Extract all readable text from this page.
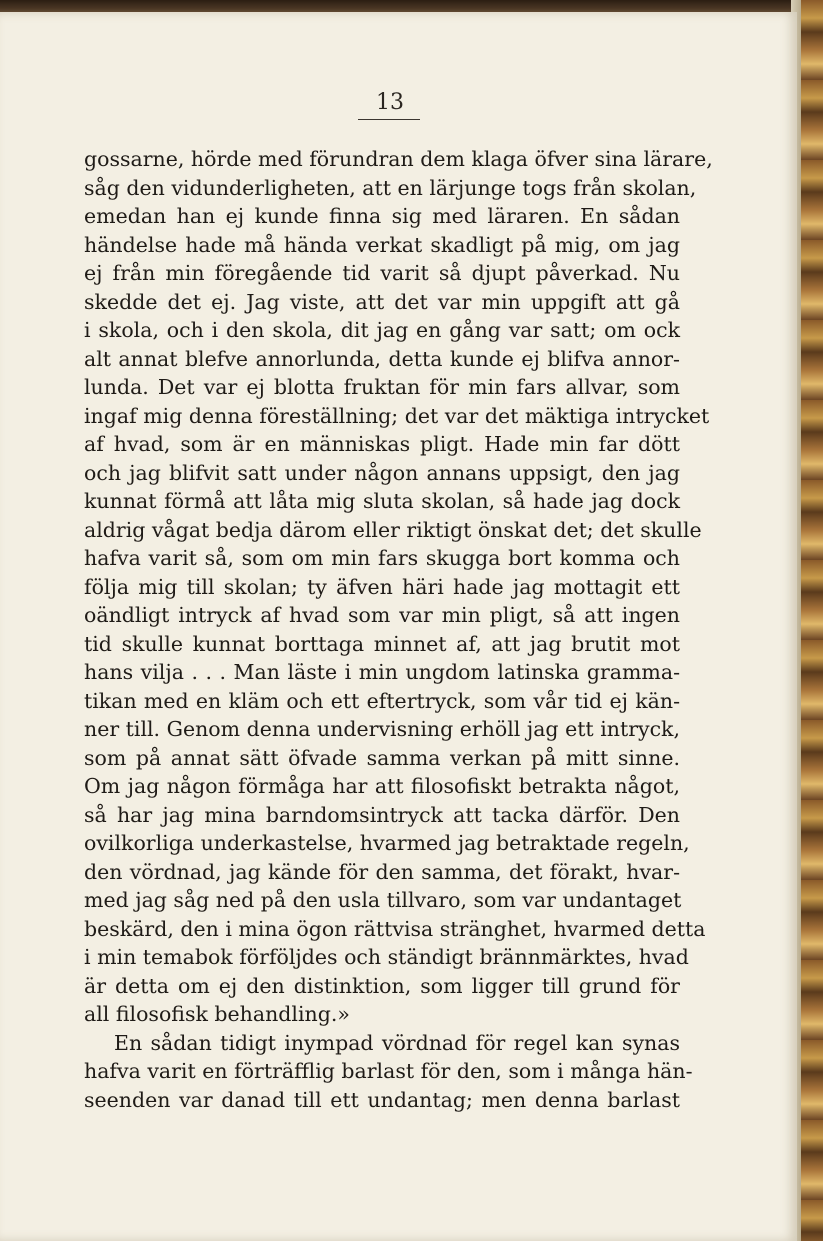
13
gossarne, hörde med förundran dem klaga öfver sina lärare,
såg den vidunderligheten, att en lärjunge togs från skolan,
emedan han ej kunde finna sig med läraren. En sådan
händelse hade må hända verkat skadligt på mig, om jag
ej från min föregående tid varit så djupt påverkad. Nu
skedde det ej. Jag viste, att det var min uppgift att gå
i skola, och i den skola, dit jag en gång var satt; om ock
alt annat blefve annorlunda, detta kunde ej blifva annor-
lunda. Det var ej blotta fruktan för min fars allvar, som
ingaf mig denna föreställning; det var det mäktiga intrycket
af hvad, som är en människas pligt. Hade min far dött
och jag blifvit satt under någon annans uppsigt, den jag
kunnat förmå att låta mig sluta skolan, så hade jag dock
aldrig vågat bedja därom eller riktigt önskat det; det skulle
hafva varit så, som om min fars skugga bort komma och
följa mig till skolan; ty äfven häri hade jag mottagit ett
oändligt intryck af hvad som var min pligt, så att ingen
tid skulle kunnat borttaga minnet af, att jag brutit mot
hans vilja . . . Man läste i min ungdom latinska gramma-
tikan med en kläm och ett eftertryck, som vår tid ej kän-
ner till. Genom denna undervisning erhöll jag ett intryck,
som på annat sätt öfvade samma verkan på mitt sinne.
Om jag någon förmåga har att filosofiskt betrakta något,
så har jag mina barndomsintryck att tacka därför. Den
ovilkorliga underkastelse, hvarmed jag betraktade regeln,
den vördnad, jag kände för den samma, det förakt, hvar-
med jag såg ned på den usla tillvaro, som var undantaget
beskärd, den i mina ögon rättvisa stränghet, hvarmed detta
i min temabok förföljdes och ständigt brännmärktes, hvad
är detta om ej den distinktion, som ligger till grund för
all filosofisk behandling.»
En sådan tidigt inympad vördnad för regel kan synas
hafva varit en förträfflig barlast för den, som i många hän-
seenden var danad till ett undantag; men denna barlast
